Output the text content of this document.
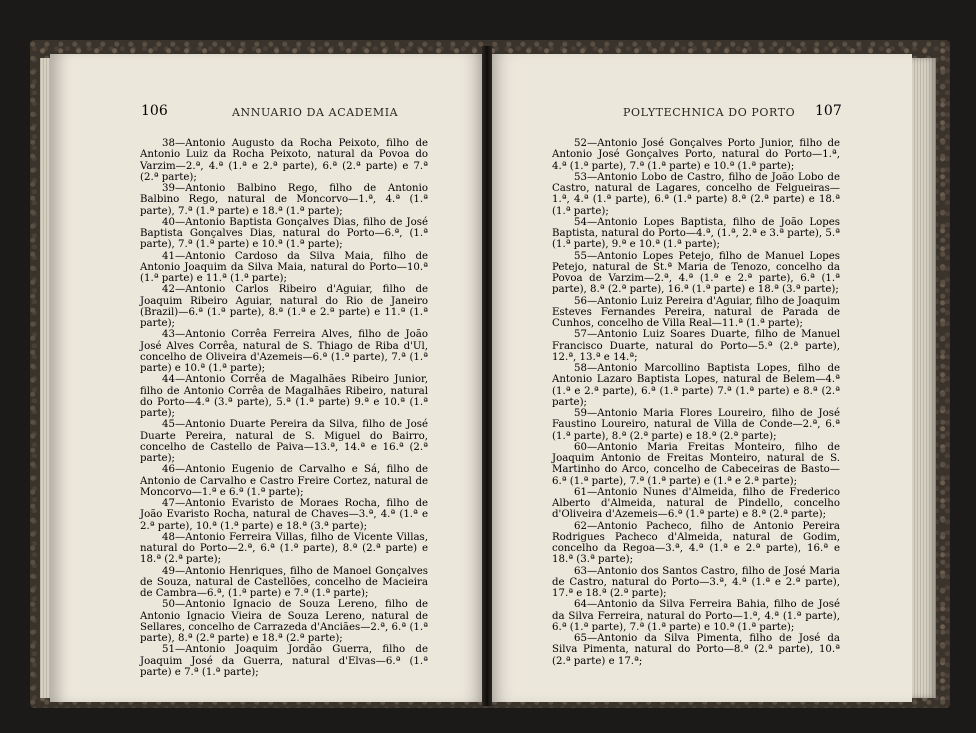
106	ANNUARIO DA ACADEMIA	POLYTECHNICA DO PORTO 107

38—Antonio Augusto da Rocha Peixoto, filho de Antonio Luiz da Rocha Peixoto, natural da Povoa do Varzim—2.ª, 4.ª (1.ª e 2.ª parte), 6.ª (2.ª parte) e 7.ª (2.ª parte);

39—Antonio Balbino Rego, filho de Antonio Balbino Rego, natural de Moncorvo—1.ª, 4.ª (1.ª parte), 7.ª (1.ª parte) e 18.ª (1.ª parte);

40—Antonio Baptista Gonçalves Dias, filho de José Baptista Gonçalves Dias, natural do Porto—6.ª, (1.ª parte), 7.ª (1.ª parte) e 10.ª (1.ª parte);

41—Antonio Cardoso da Silva Maia, filho de Antonio Joaquim da Silva Maia, natural do Porto—10.ª (1.ª parte) e 11.ª (1.ª parte);

42—Antonio Carlos Ribeiro d'Aguiar, filho de Joaquim Ribeiro Aguiar, natural do Rio de Janeiro (Brazil)—6.ª (1.ª parte), 8.ª (1.ª e 2.ª parte) e 11.ª (1.ª parte);

43—Antonio Corrêa Ferreira Alves, filho de João José Alves Corrêa, natural de S. Thiago de Riba d'Ul, concelho de Oliveira d'Azemeis—6.ª (1.ª parte), 7.ª (1.ª parte) e 10.ª (1.ª parte);

44—Antonio Corrêa de Magalhães Ribeiro Junior, filho de Antonio Corrêa de Magalhães Ribeiro, natural do Porto—4.ª (3.ª parte), 5.ª (1.ª parte) 9.ª e 10.ª (1.ª parte);

45—Antonio Duarte Pereira da Silva, filho de José Duarte Pereira, natural de S. Miguel do Bairro, concelho de Castello de Paiva—13.ª, 14.ª e 16.ª (2.ª parte);

46—Antonio Eugenio de Carvalho e Sá, filho de Antonio de Carvalho e Castro Freire Cortez, natural de Moncorvo—1.ª e 6.ª (1.ª parte);

47—Antonio Evaristo de Moraes Rocha, filho de João Evaristo Rocha, natural de Chaves—3.ª, 4.ª (1.ª e 2.ª parte), 10.ª (1.ª parte) e 18.ª (3.ª parte);

48—Antonio Ferreira Villas, filho de Vicente Villas, natural do Porto—2.ª, 6.ª (1.ª parte), 8.ª (2.ª parte) e 18.ª (2.ª parte);

49—Antonio Henriques, filho de Manoel Gonçalves de Souza, natural de Castellões, concelho de Macieira de Cambra—6.ª, (1.ª parte) e 7.ª (1.ª parte);

50—Antonio Ignacio de Souza Lereno, filho de Antonio Ignacio Vieira de Souza Lereno, natural de Sellares, concelho de Carrazeda d'Anciães—2.ª, 6.ª (1.ª parte), 8.ª (2.ª parte) e 18.ª (2.ª parte);

51—Antonio Joaquim Jordão Guerra, filho de Joaquim José da Guerra, natural d'Elvas—6.ª (1.ª parte) e 7.ª (1.ª parte);

52—Antonio José Gonçalves Porto Junior, filho de Antonio José Gonçalves Porto, natural do Porto—1.ª, 4.ª (1.ª parte), 7.ª (1.ª parte) e 10.ª (1.ª parte);

53—Antonio Lobo de Castro, filho de João Lobo de Castro, natural de Lagares, concelho de Felgueiras—1.ª, 4.ª (1.ª parte), 6.ª (1.ª parte) 8.ª (2.ª parte) e 18.ª (1.ª parte);

54—Antonio Lopes Baptista, filho de João Lopes Baptista, natural do Porto—4.ª, (1.ª, 2.ª e 3.ª parte), 5.ª (1.ª parte), 9.ª e 10.ª (1.ª parte);

55—Antonio Lopes Petejo, filho de Manuel Lopes Petejo, natural de St.ª Maria de Tenozo, concelho da Povoa de Varzim—2.ª, 4.ª (1.ª e 2.ª parte), 6.ª (1.ª parte), 8.ª (2.ª parte), 16.ª (1.ª parte) e 18.ª (3.ª parte);

56—Antonio Luiz Pereira d'Aguiar, filho de Joaquim Esteves Fernandes Pereira, natural de Parada de Cunhos, concelho de Villa Real—11.ª (1.ª parte);

57—Antonio Luiz Soares Duarte, filho de Manuel Francisco Duarte, natural do Porto—5.ª (2.ª parte), 12.ª, 13.ª e 14.ª;

58—Antonio Marcollino Baptista Lopes, filho de Antonio Lazaro Baptista Lopes, natural de Belem—4.ª (1.ª e 2.ª parte), 6.ª (1.ª parte) 7.ª (1.ª parte) e 8.ª (2.ª parte);

59—Antonio Maria Flores Loureiro, filho de José Faustino Loureiro, natural de Villa de Conde—2.ª, 6.ª (1.ª parte), 8.ª (2.ª parte) e 18.ª (2.ª parte);

60—Antonio Maria Freitas Monteiro, filho de Joaquim Antonio de Freitas Monteiro, natural de S. Martinho do Arco, concelho de Cabeceiras de Basto—6.ª (1.ª parte), 7.ª (1.ª parte) e (1.ª e 2.ª parte);

61—Antonio Nunes d'Almeida, filho de Frederico Alberto d'Almeida, natural de Pindello, concelho d'Oliveira d'Azemeis—6.ª (1.ª parte) e 8.ª (2.ª parte);

62—Antonio Pacheco, filho de Antonio Pereira Rodrigues Pacheco d'Almeida, natural de Godim, concelho da Regoa—3.ª, 4.ª (1.ª e 2.ª parte), 16.ª e 18.ª (3.ª parte);

63—Antonio dos Santos Castro, filho de José Maria de Castro, natural do Porto—3.ª, 4.ª (1.ª e 2.ª parte), 17.ª e 18.ª (2.ª parte);

64—Antonio da Silva Ferreira Bahia, filho de José da Silva Ferreira, natural do Porto—1.ª, 4.ª (1.ª parte), 6.ª (1.ª parte), 7.ª (1.ª parte) e 10.ª (1.ª parte);

65—Antonio da Silva Pimenta, filho de José da Silva Pimenta, natural do Porto—8.ª (2.ª parte), 10.ª (2.ª parte) e 17.ª;
